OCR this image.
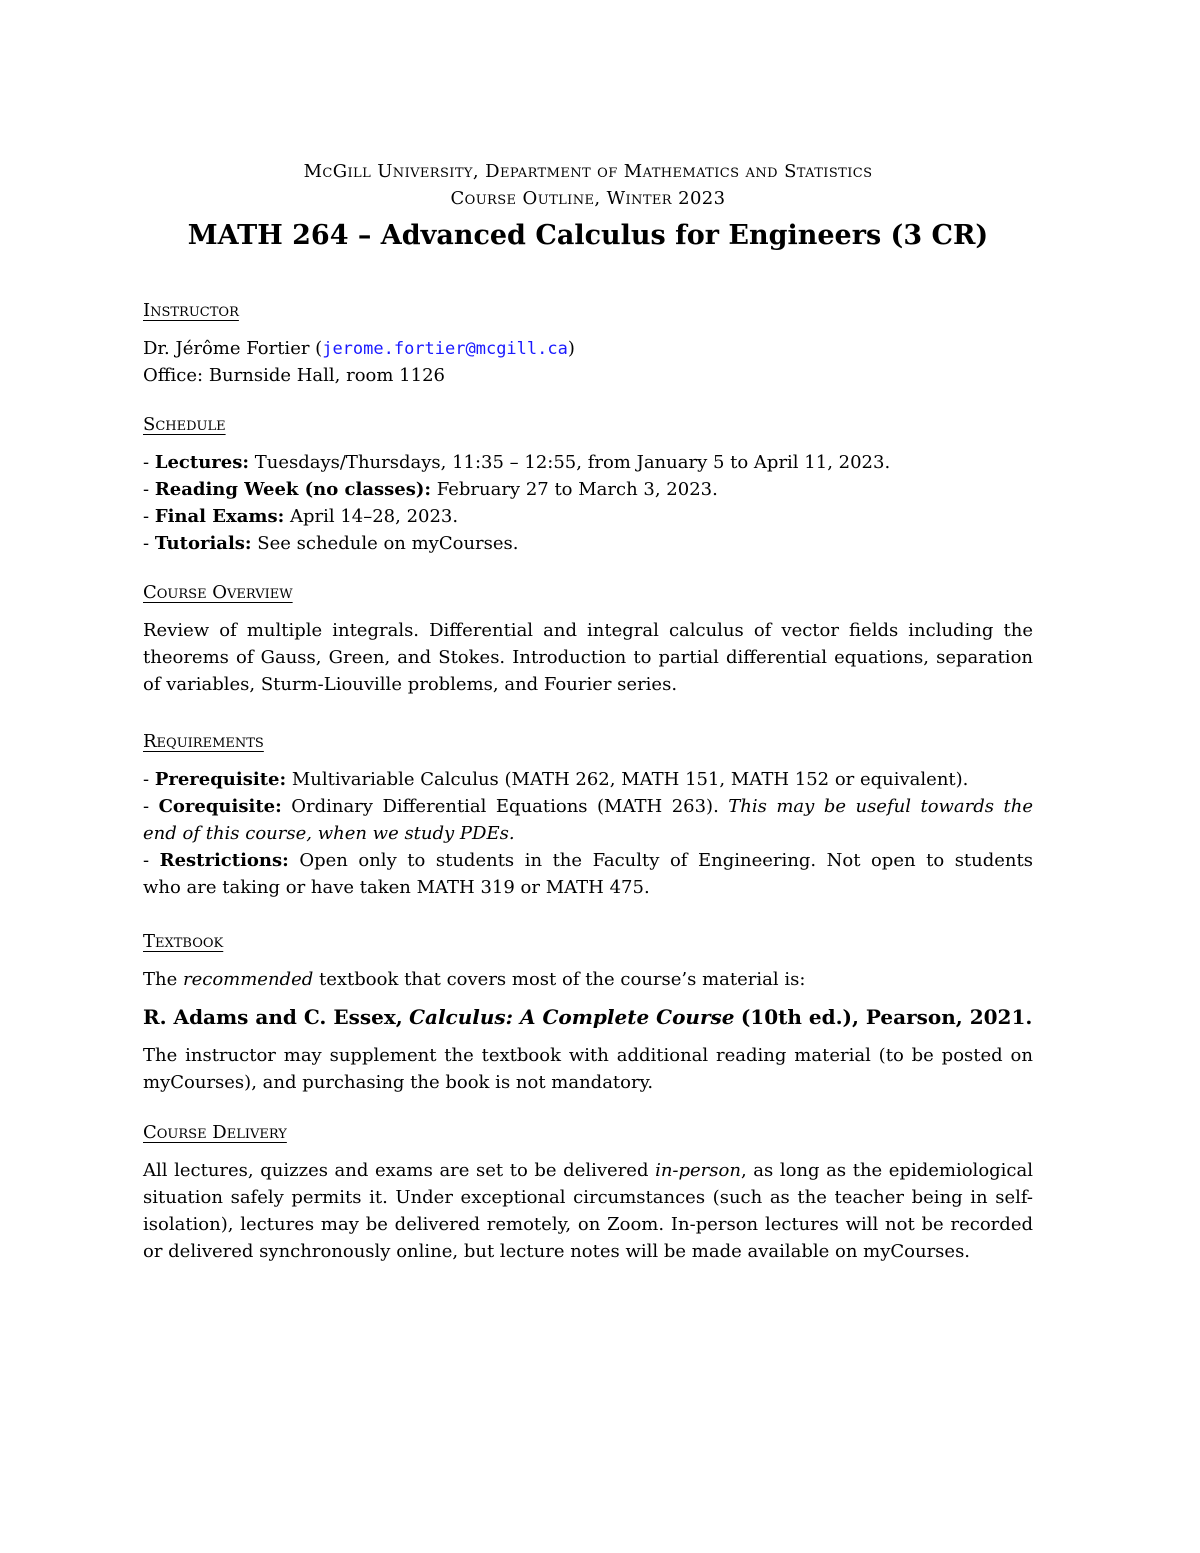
McGill University, Department of Mathematics and Statistics
Course Outline, Winter 2023
MATH 264 – Advanced Calculus for Engineers (3 CR)
Instructor
Dr. Jérôme Fortier (jerome.fortier@mcgill.ca)
Office: Burnside Hall, room 1126
Schedule
- Lectures: Tuesdays/Thursdays, 11:35 – 12:55, from January 5 to April 11, 2023.
- Reading Week (no classes): February 27 to March 3, 2023.
- Final Exams: April 14–28, 2023.
- Tutorials: See schedule on myCourses.
Course Overview
Review of multiple integrals. Differential and integral calculus of vector fields including the
theorems of Gauss, Green, and Stokes. Introduction to partial differential equations, separation
of variables, Sturm-Liouville problems, and Fourier series.
Requirements
- Prerequisite: Multivariable Calculus (MATH 262, MATH 151, MATH 152 or equivalent).
- Corequisite: Ordinary Differential Equations (MATH 263). This may be useful towards the
end of this course, when we study PDEs.
- Restrictions: Open only to students in the Faculty of Engineering. Not open to students
who are taking or have taken MATH 319 or MATH 475.
Textbook
The recommended textbook that covers most of the course’s material is:
R. Adams and C. Essex, Calculus: A Complete Course (10th ed.), Pearson, 2021.
The instructor may supplement the textbook with additional reading material (to be posted on
myCourses), and purchasing the book is not mandatory.
Course Delivery
All lectures, quizzes and exams are set to be delivered in-person, as long as the epidemiological
situation safely permits it. Under exceptional circumstances (such as the teacher being in self-
isolation), lectures may be delivered remotely, on Zoom. In-person lectures will not be recorded
or delivered synchronously online, but lecture notes will be made available on myCourses.
